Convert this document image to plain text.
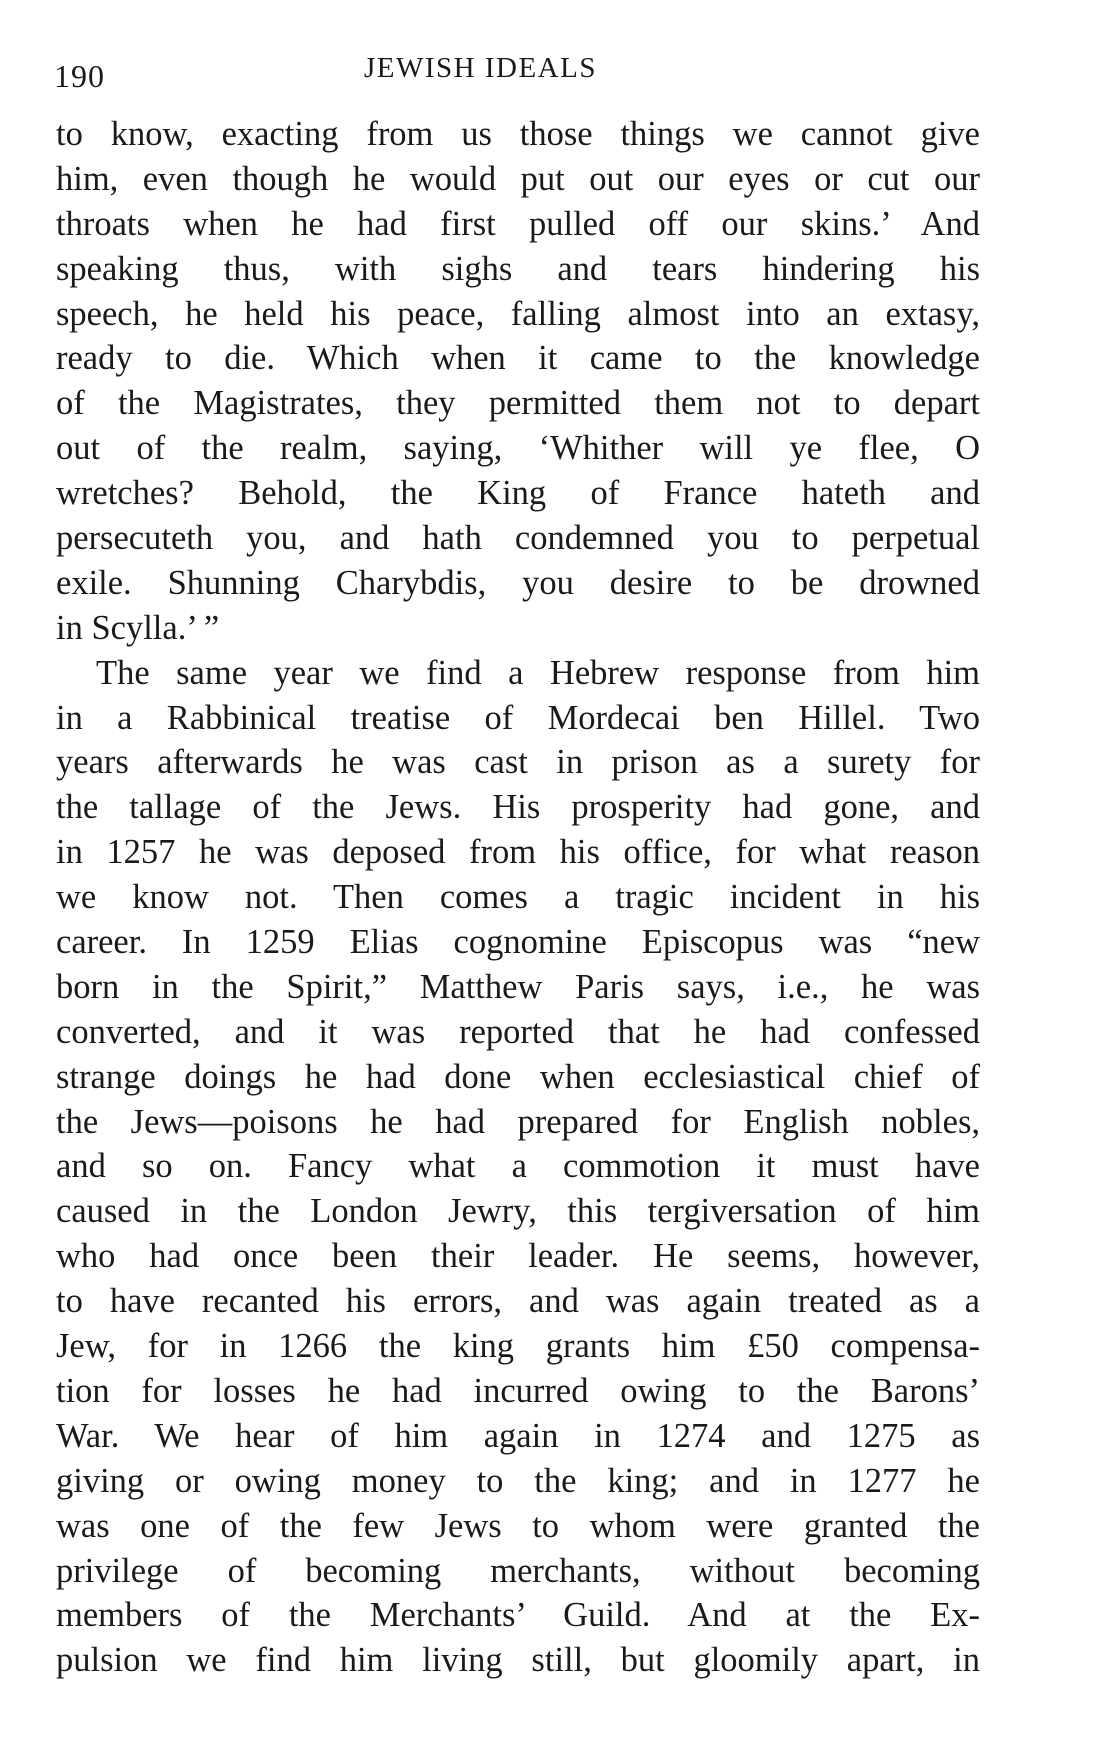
190	JEWISH IDEALS
to know, exacting from us those things we cannot give
him, even though he would put out our eyes or cut our
throats when he had first pulled off our skins.’ And
speaking thus, with sighs and tears hindering his
speech, he held his peace, falling almost into an extasy,
ready to die. Which when it came to the knowledge
of the Magistrates, they permitted them not to depart
out of the realm, saying, ‘Whither will ye flee, O
wretches? Behold, the King of France hateth and
persecuteth you, and hath condemned you to perpetual
exile. Shunning Charybdis, you desire to be drowned
in Scylla.’ ”
The same year we find a Hebrew response from him
in a Rabbinical treatise of Mordecai ben Hillel. Two
years afterwards he was cast in prison as a surety for
the tallage of the Jews. His prosperity had gone, and
in 1257 he was deposed from his office, for what reason
we know not. Then comes a tragic incident in his
career. In 1259 Elias cognomine Episcopus was “new
born in the Spirit,” Matthew Paris says, i.e., he was
converted, and it was reported that he had confessed
strange doings he had done when ecclesiastical chief of
the Jews—poisons he had prepared for English nobles,
and so on. Fancy what a commotion it must have
caused in the London Jewry, this tergiversation of him
who had once been their leader. He seems, however,
to have recanted his errors, and was again treated as a
Jew, for in 1266 the king grants him £50 compensa-
tion for losses he had incurred owing to the Barons’
War. We hear of him again in 1274 and 1275 as
giving or owing money to the king; and in 1277 he
was one of the few Jews to whom were granted the
privilege of becoming merchants, without becoming
members of the Merchants’ Guild. And at the Ex-
pulsion we find him living still, but gloomily apart, in
